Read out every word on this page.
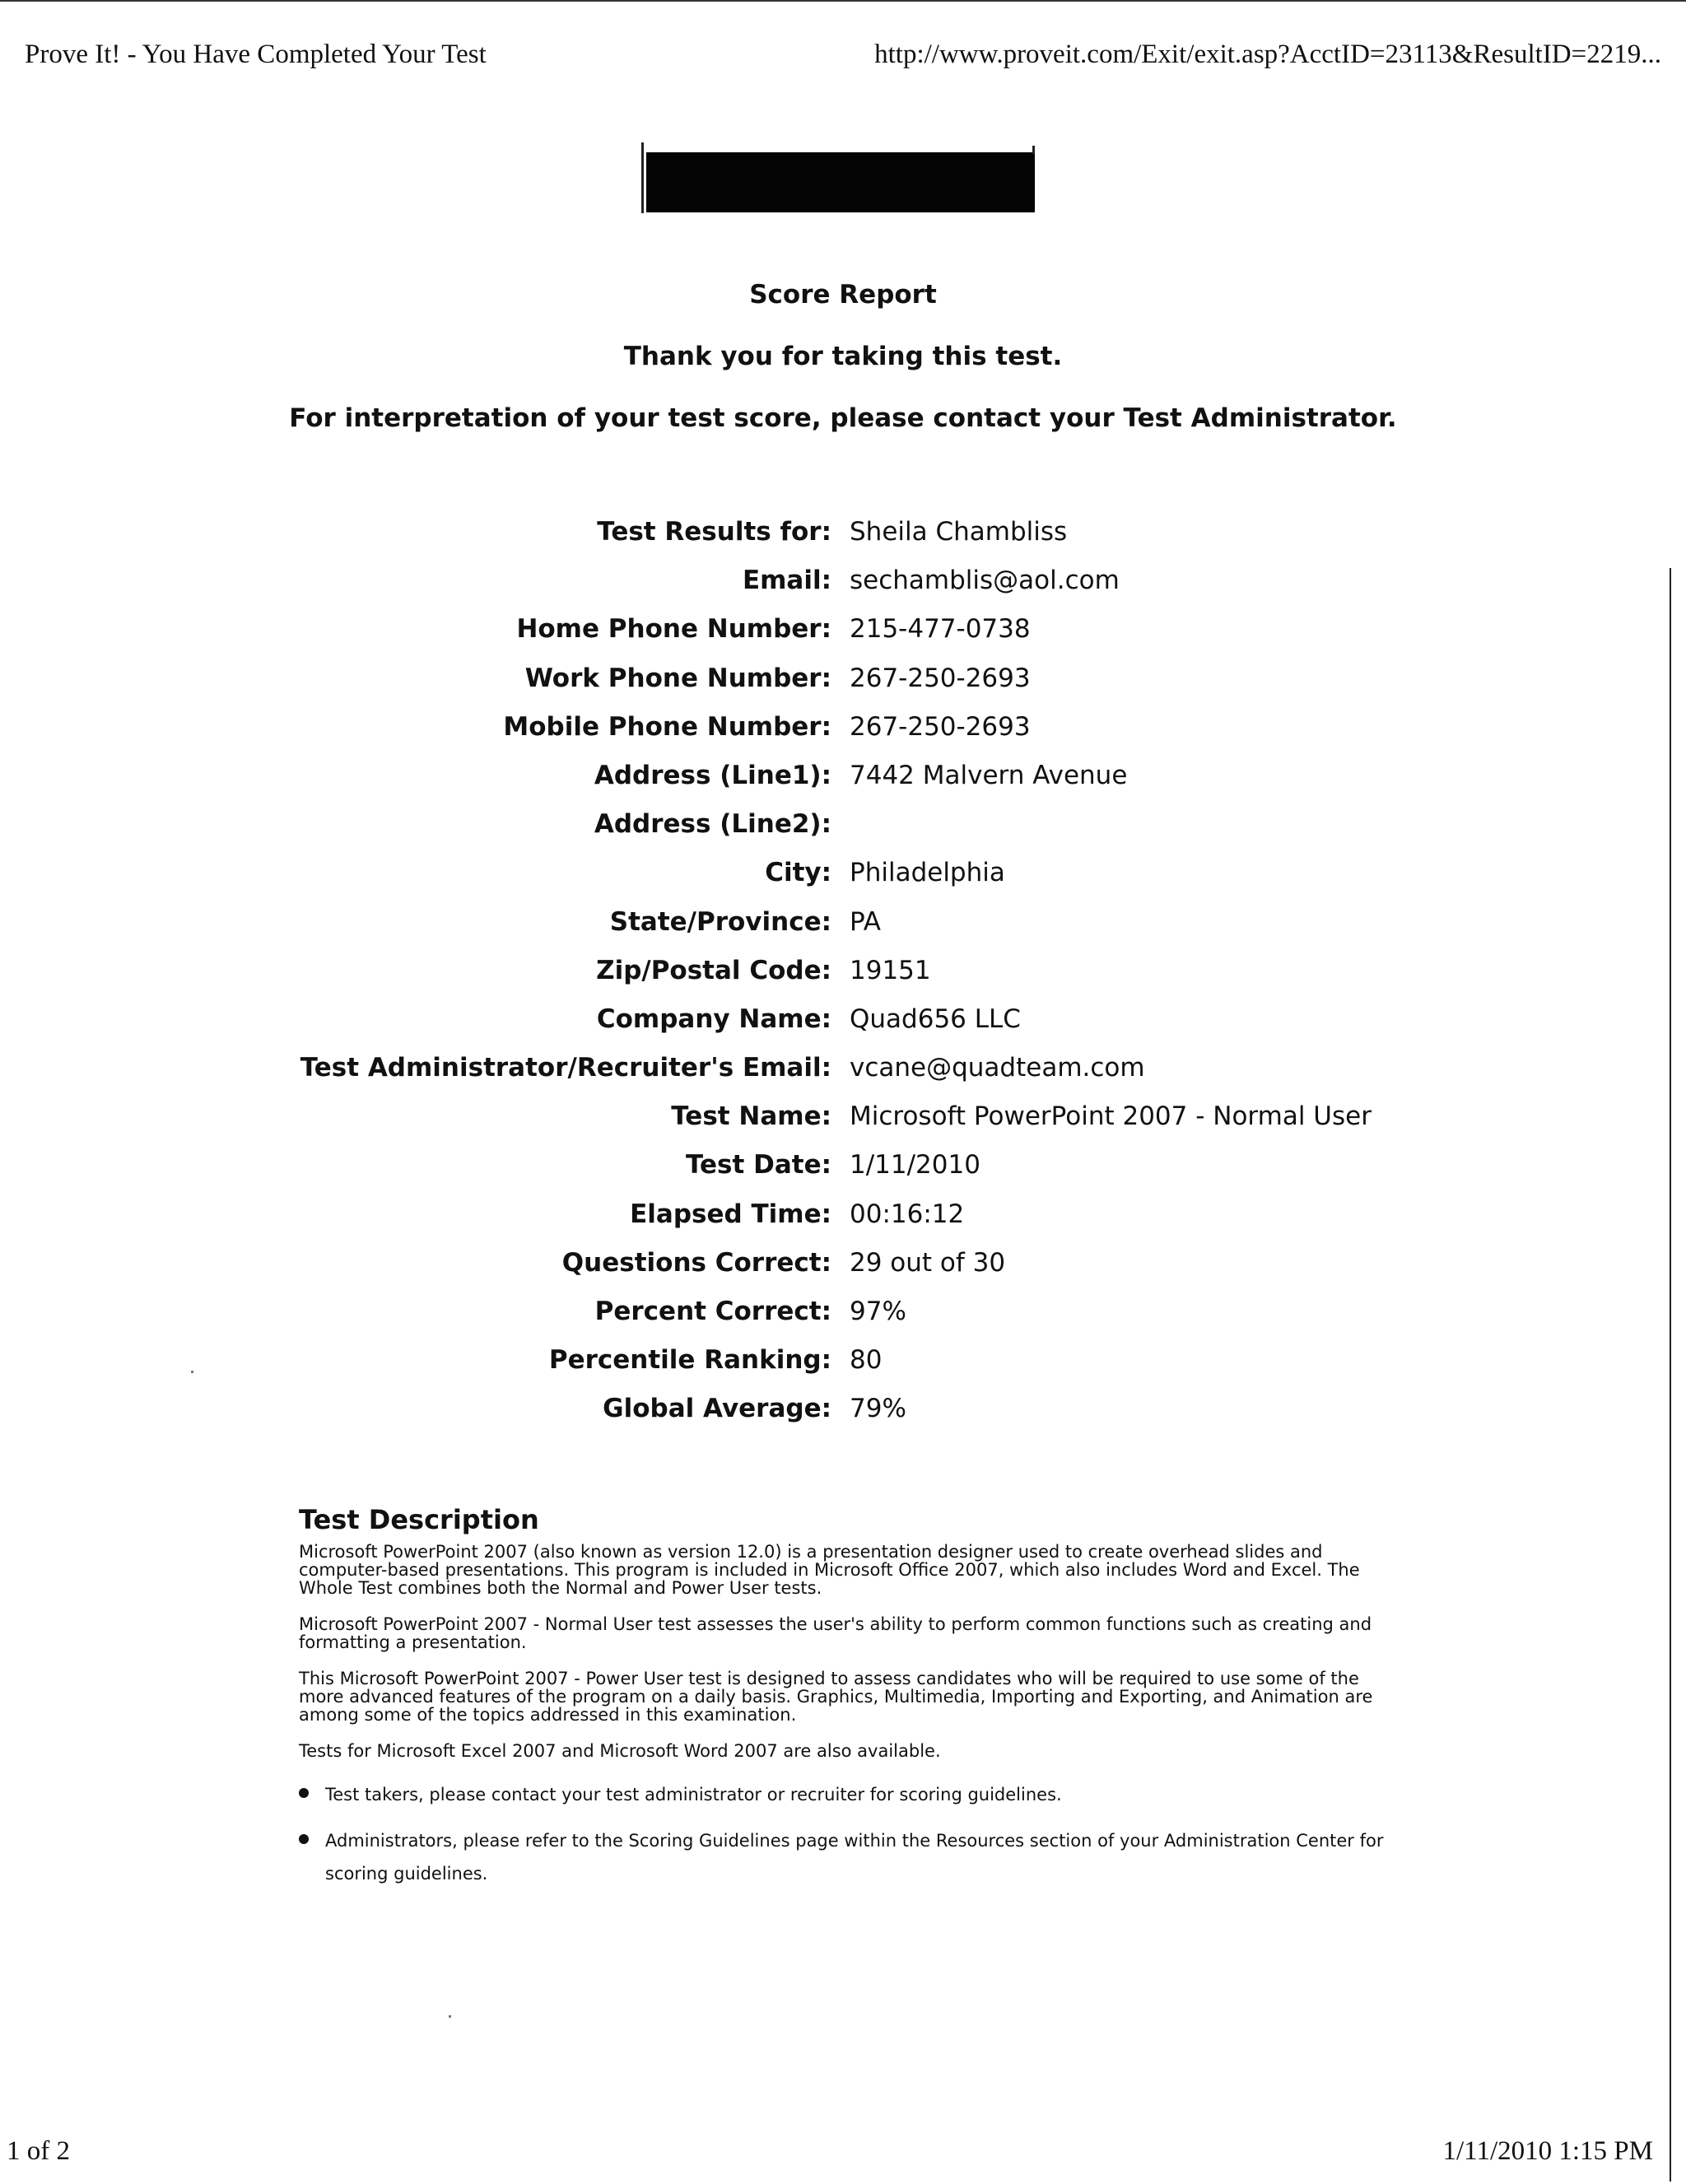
Prove It! - You Have Completed Your Test	http://www.proveit.com/Exit/exit.asp?AcctID=23113&ResultID=2219...
Score Report
Thank you for taking this test.
For interpretation of your test score, please contact your Test Administrator.
Test Results for: Sheila Chambliss
Email: sechamblis@aol.com
Home Phone Number: 215-477-0738
Work Phone Number: 267-250-2693
Mobile Phone Number: 267-250-2693
Address (Line1): 7442 Malvern Avenue
Address (Line2):
City: Philadelphia
State/Province: PA
Zip/Postal Code: 19151
Company Name: Quad656 LLC
Test Administrator/Recruiter's Email: vcane@quadteam.com
Test Name: Microsoft PowerPoint 2007 - Normal User
Test Date: 1/11/2010
Elapsed Time: 00:16:12
Questions Correct: 29 out of 30
Percent Correct: 97%
Percentile Ranking: 80
Global Average: 79%
Test Description

Microsoft PowerPoint 2007 (also known as version 12.0) is a presentation designer used to create overhead slides and computer-based presentations. This program is included in Microsoft Office 2007, which also includes Word and Excel. The Whole Test combines both the Normal and Power User tests.

Microsoft PowerPoint 2007 - Normal User test assesses the user's ability to perform common functions such as creating and formatting a presentation.

This Microsoft PowerPoint 2007 - Power User test is designed to assess candidates who will be required to use some of the more advanced features of the program on a daily basis. Graphics, Multimedia, Importing and Exporting, and Animation are among some of the topics addressed in this examination.

Tests for Microsoft Excel 2007 and Microsoft Word 2007 are also available.

Test takers, please contact your test administrator or recruiter for scoring guidelines.
Administrators, please refer to the Scoring Guidelines page within the Resources section of your Administration Center for scoring guidelines.
1 of 2	1/11/2010 1:15 PM
